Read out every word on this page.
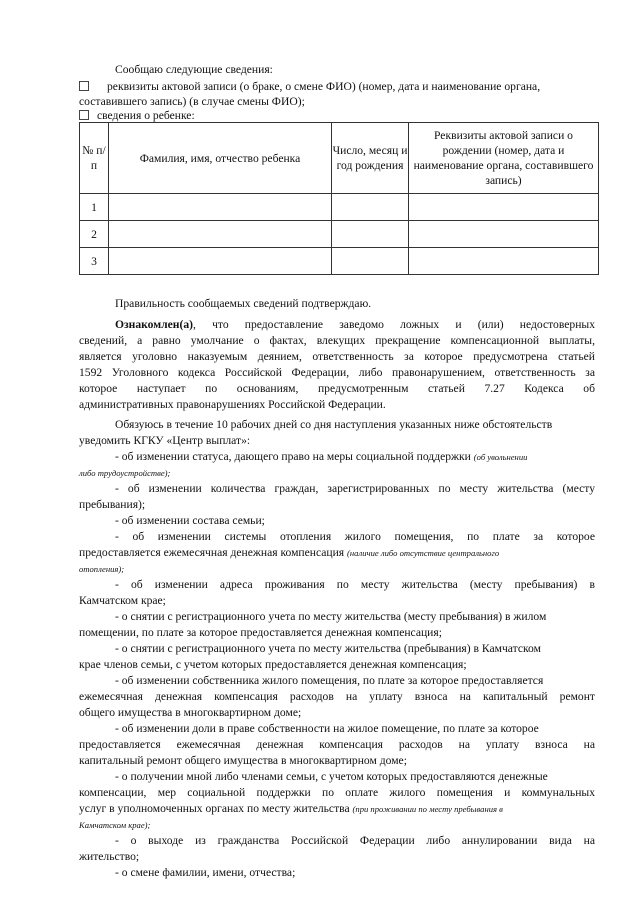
Сообщаю следующие сведения:
реквизиты актовой записи (о браке, о смене ФИО) (номер, дата и наименование органа,
составившего запись) (в случае смены ФИО);
сведения о ребенке:
№ п/п	Фамилия, имя, отчество ребенка	Число, месяц и год рождения	Реквизиты актовой записи о рождении (номер, дата и наименование органа, составившего запись)
1			
2			
3			
Правильность сообщаемых сведений подтверждаю.
Ознакомлен(а), что предоставление заведомо ложных и (или) недостоверных
сведений, а равно умолчание о фактах, влекущих прекращение компенсационной выплаты,
является уголовно наказуемым деянием, ответственность за которое предусмотрена статьей
1592 Уголовного кодекса Российской Федерации, либо правонарушением, ответственность за
которое наступает по основаниям, предусмотренным статьей 7.27 Кодекса об
административных правонарушениях Российской Федерации.
Обязуюсь в течение 10 рабочих дней со дня наступления указанных ниже обстоятельств
уведомить КГКУ «Центр выплат»:
- об изменении статуса, дающего право на меры социальной поддержки (об увольнении
либо трудоустройстве);
- об изменении количества граждан, зарегистрированных по месту жительства (месту
пребывания);
- об изменении состава семьи;
- об изменении системы отопления жилого помещения, по плате за которое
предоставляется ежемесячная денежная компенсация (наличие либо отсутствие центрального
отопления);
- об изменении адреса проживания по месту жительства (месту пребывания) в
Камчатском крае;
- о снятии с регистрационного учета по месту жительства (месту пребывания) в жилом
помещении, по плате за которое предоставляется денежная компенсация;
- о снятии с регистрационного учета по месту жительства (пребывания) в Камчатском
крае членов семьи, с учетом которых предоставляется денежная компенсация;
- об изменении собственника жилого помещения, по плате за которое предоставляется
ежемесячная денежная компенсация расходов на уплату взноса на капитальный ремонт
общего имущества в многоквартирном доме;
- об изменении доли в праве собственности на жилое помещение, по плате за которое
предоставляется ежемесячная денежная компенсация расходов на уплату взноса на
капитальный ремонт общего имущества в многоквартирном доме;
- о получении мной либо членами семьи, с учетом которых предоставляются денежные
компенсации, мер социальной поддержки по оплате жилого помещения и коммунальных
услуг в уполномоченных органах по месту жительства (при проживании по месту пребывания в
Камчатском крае);
- о выходе из гражданства Российской Федерации либо аннулировании вида на
жительство;
- о смене фамилии, имени, отчества;
